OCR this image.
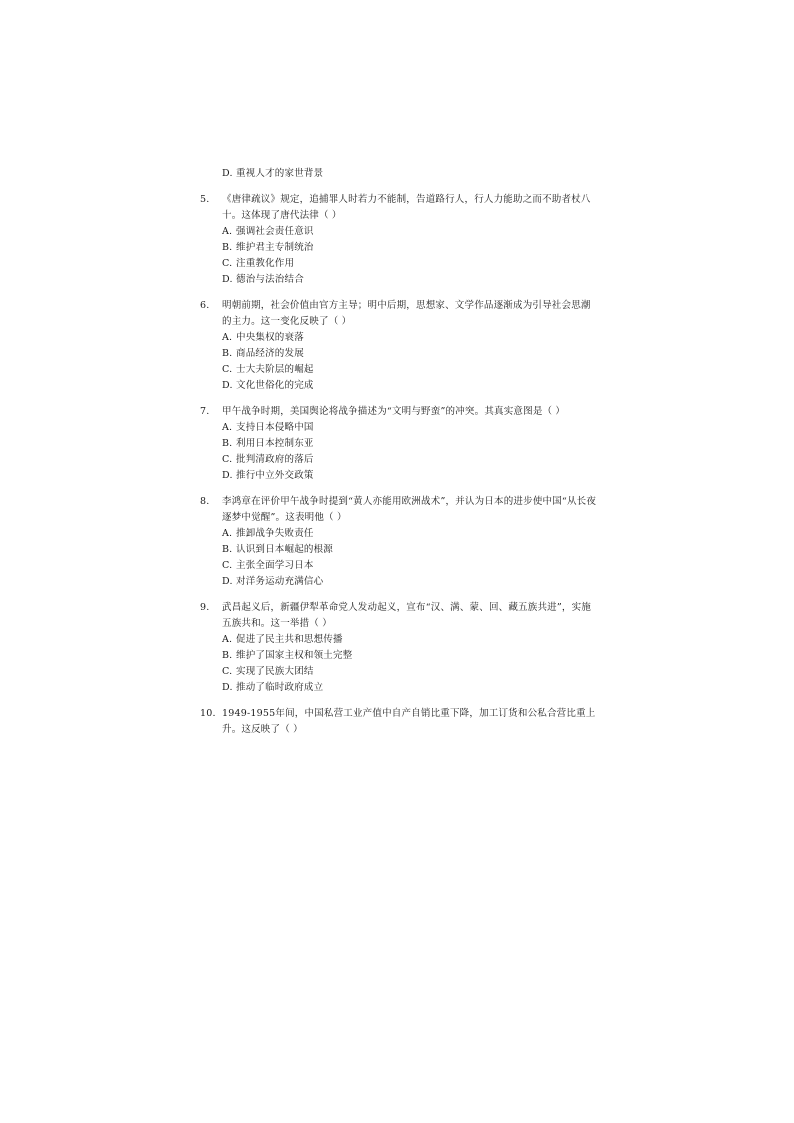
D. 重视人才的家世背景
5.	《唐律疏议》规定，追捕罪人时若力不能制，告道路行人，行人力能助之而不助者杖八十。这体现了唐代法律（ ）
A. 强调社会责任意识
B. 维护君主专制统治
C. 注重教化作用
D. 德治与法治结合
6.	明朝前期，社会价值由官方主导；明中后期，思想家、文学作品逐渐成为引导社会思潮的主力。这一变化反映了（ ）
A. 中央集权的衰落
B. 商品经济的发展
C. 士大夫阶层的崛起
D. 文化世俗化的完成
7.	甲午战争时期，美国舆论将战争描述为“文明与野蛮”的冲突。其真实意图是（ ）
A. 支持日本侵略中国
B. 利用日本控制东亚
C. 批判清政府的落后
D. 推行中立外交政策
8.	李鸿章在评价甲午战争时提到“黄人亦能用欧洲战术”，并认为日本的进步使中国“从长夜逐梦中觉醒”。这表明他（ ）
A. 推卸战争失败责任
B. 认识到日本崛起的根源
C. 主张全面学习日本
D. 对洋务运动充满信心
9.	武昌起义后，新疆伊犁革命党人发动起义，宣布“汉、满、蒙、回、藏五族共进”，实施五族共和。这一举措（ ）
A. 促进了民主共和思想传播
B. 维护了国家主权和领土完整
C. 实现了民族大团结
D. 推动了临时政府成立
10. 1949-1955年间，中国私营工业产值中自产自销比重下降，加工订货和公私合营比重上升。这反映了（ ）
